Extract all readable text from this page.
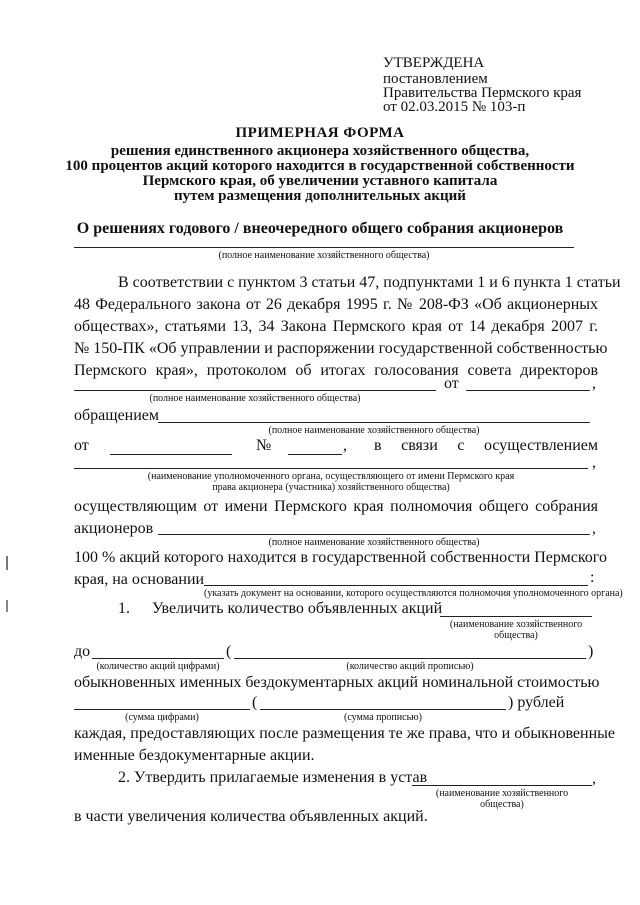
УТВЕРЖДЕНА
постановлением
Правительства Пермского края
от 02.03.2015 № 103-п
ПРИМЕРНАЯ ФОРМА
решения единственного акционера хозяйственного общества,
100 процентов акций которого находится в государственной собственности
Пермского края, об увеличении уставного капитала
путем размещения дополнительных акций
О решениях годового / внеочередного общего собрания акционеров
(полное наименование хозяйственного общества)
В соответствии с пунктом 3 статьи 47, подпунктами 1 и 6 пункта 1 статьи
48 Федерального закона от 26 декабря 1995 г. № 208-ФЗ «Об акционерных
обществах», статьями 13, 34 Закона Пермского края от 14 декабря 2007 г.
№ 150-ПК «Об управлении и распоряжении государственной собственностью
Пермского края», протоколом об итогах голосования совета директоров
от	,
(полное наименование хозяйственного общества)
обращением
(полное наименование хозяйственного общества)
от	№	, в связи с осуществлением
,
(наименование уполномоченного органа, осуществляющего от имени Пермского края
права акционера (участника) хозяйственного общества)
осуществляющим от имени Пермского края полномочия общего собрания
акционеров	,
(полное наименование хозяйственного общества)
100 % акций которого находится в государственной собственности Пермского
края, на основании	:
(указать документ на основании, которого осуществляются полномочия уполномоченного органа)
1. Увеличить количество объявленных акций
(наименование хозяйственного
общества)
до	(	)
(количество акций цифрами)	(количество акций прописью)
обыкновенных именных бездокументарных акций номинальной стоимостью
(	) рублей
(сумма цифрами)	(сумма прописью)
каждая, предоставляющих после размещения те же права, что и обыкновенные
именные бездокументарные акции.
2. Утвердить прилагаемые изменения в устав	,
(наименование хозяйственного
общества)
в части увеличения количества объявленных акций.
